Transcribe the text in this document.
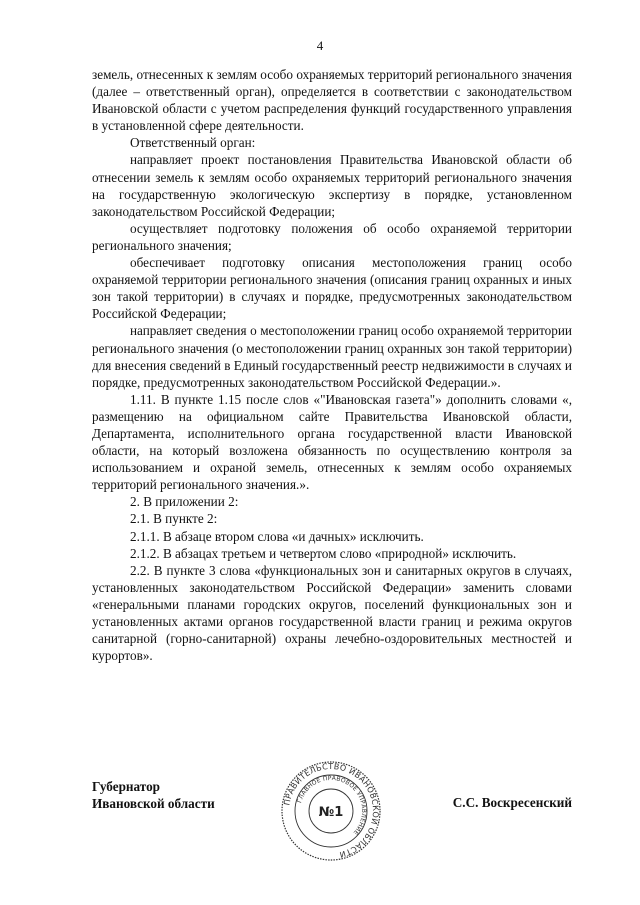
4

земель, отнесенных к землям особо охраняемых территорий регионального значения (далее – ответственный орган), определяется в соответствии с законодательством Ивановской области с учетом распределения функций государственного управления в установленной сфере деятельности.

Ответственный орган:

направляет проект постановления Правительства Ивановской области об отнесении земель к землям особо охраняемых территорий регионального значения на государственную экологическую экспертизу в порядке, установленном законодательством Российской Федерации;

осуществляет подготовку положения об особо охраняемой территории регионального значения;

обеспечивает подготовку описания местоположения границ особо охраняемой территории регионального значения (описания границ охранных и иных зон такой территории) в случаях и порядке, предусмотренных законодательством Российской Федерации;

направляет сведения о местоположении границ особо охраняемой территории регионального значения (о местоположении границ охранных зон такой территории) для внесения сведений в Единый государственный реестр недвижимости в случаях и порядке, предусмотренных законодательством Российской Федерации.».

1.11. В пункте 1.15 после слов «"Ивановская газета"» дополнить словами «, размещению на официальном сайте Правительства Ивановской области, Департамента, исполнительного органа государственной власти Ивановской области, на который возложена обязанность по осуществлению контроля за использованием и охраной земель, отнесенных к землям особо охраняемых территорий регионального значения.».

2. В приложении 2:

2.1. В пункте 2:

2.1.1. В абзаце втором слова «и дачных» исключить.

2.1.2. В абзацах третьем и четвертом слово «природной» исключить.

2.2. В пункте 3 слова «функциональных зон и санитарных округов в случаях, установленных законодательством Российской Федерации» заменить словами «генеральными планами городских округов, поселений функциональных зон и установленных актами органов государственной власти границ и режима округов санитарной (горно-санитарной) охраны лечебно-оздоровительных местностей и курортов».

Губернатор
Ивановской области	ПРАВИТЕЛЬСТВО ИВАНОВСКОЙ ОБЛАСТИ
ГЛАВНОЕ ПРАВОВОЕ УПРАВЛЕНИЕ
№1
С.С. Воскресенский
